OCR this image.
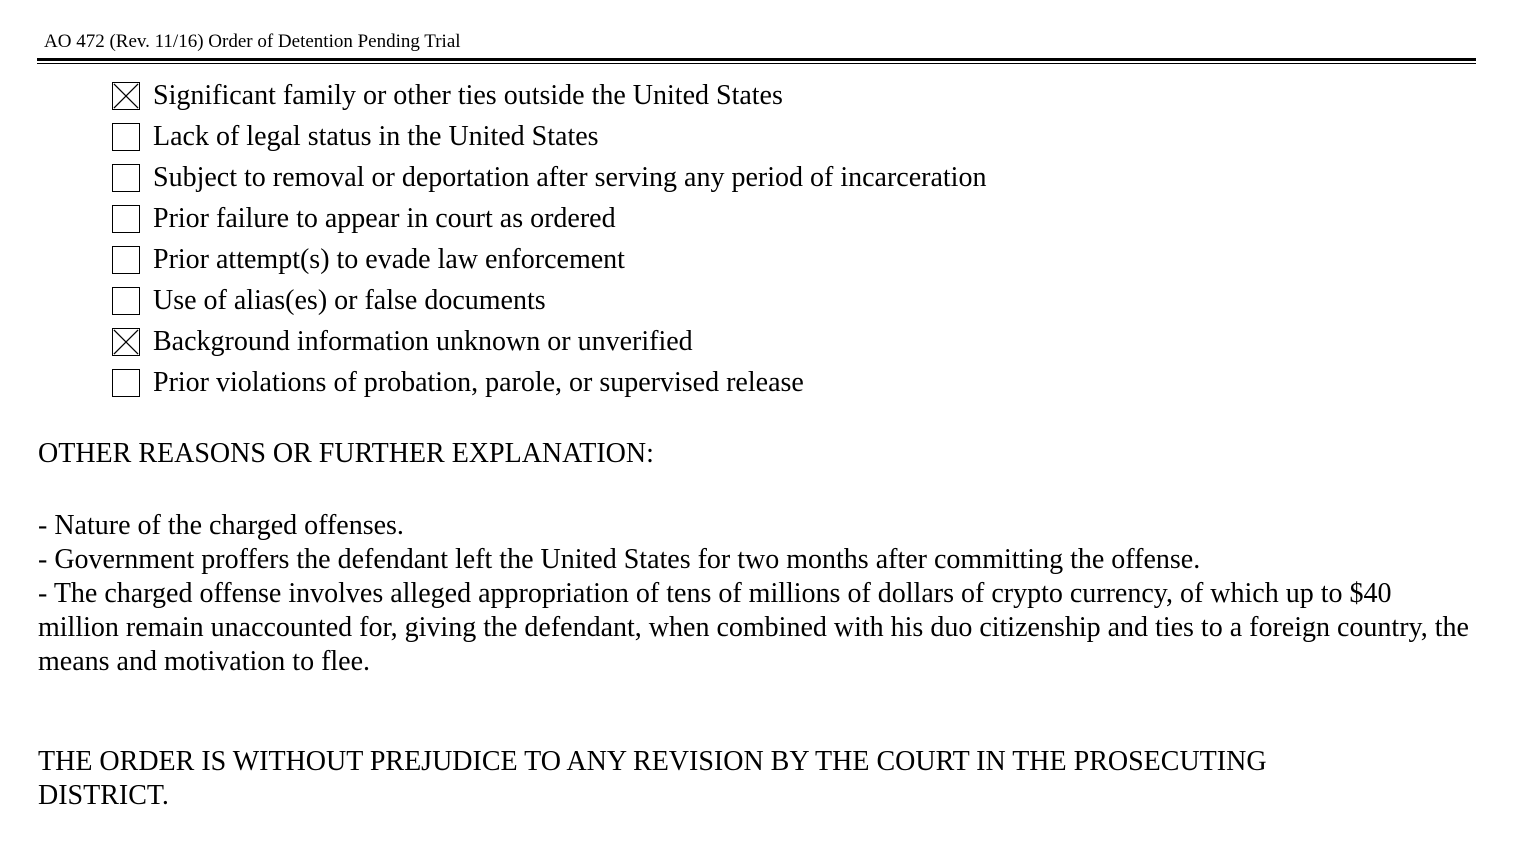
AO 472 (Rev. 11/16) Order of Detention Pending Trial
Significant family or other ties outside the United States
Lack of legal status in the United States
Subject to removal or deportation after serving any period of incarceration
Prior failure to appear in court as ordered
Prior attempt(s) to evade law enforcement
Use of alias(es) or false documents
Background information unknown or unverified
Prior violations of probation, parole, or supervised release
OTHER REASONS OR FURTHER EXPLANATION:

- Nature of the charged offenses.

- Government proffers the defendant left the United States for two months after committing the offense.

- The charged offense involves alleged appropriation of tens of millions of dollars of crypto currency, of which up to $40 million remain unaccounted for, giving the defendant, when combined with his duo citizenship and ties to a foreign country, the means and motivation to flee.

THE ORDER IS WITHOUT PREJUDICE TO ANY REVISION BY THE COURT IN THE PROSECUTING DISTRICT.
